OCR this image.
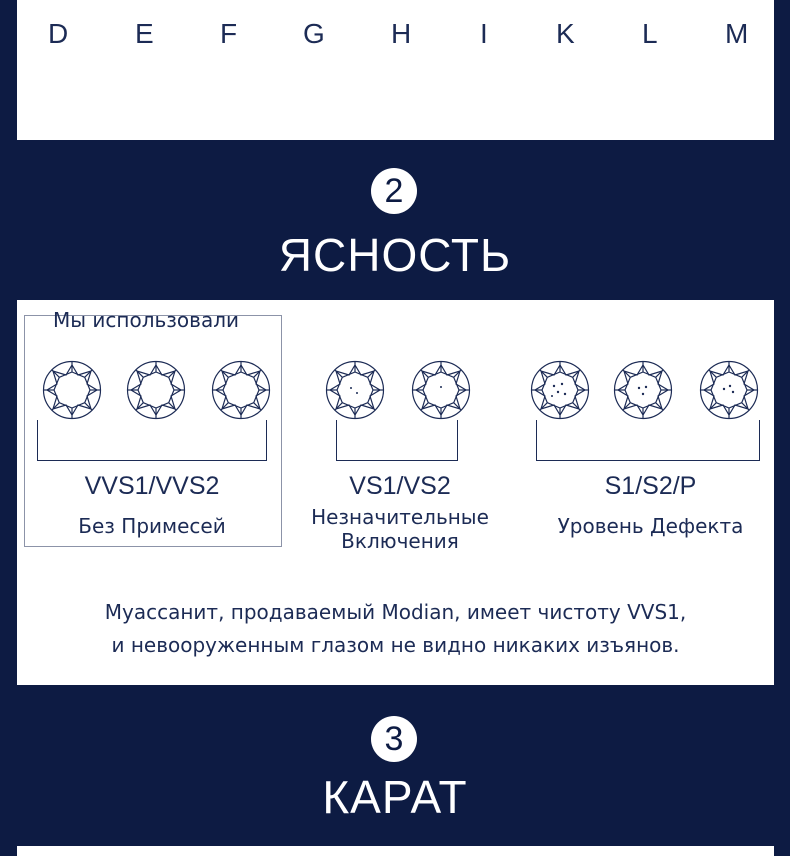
D E F G H I K L M
2
ЯСНОСТЬ
Мы использовали
VVS1/VVS2
Без Примесей
VS1/VS2
Незначительные
Включения
S1/S2/P
Уровень Дефекта
Муассанит, продаваемый Modian, имеет чистоту VVS1,
и невооруженным глазом не видно никаких изъянов.
3
КАРАТ
